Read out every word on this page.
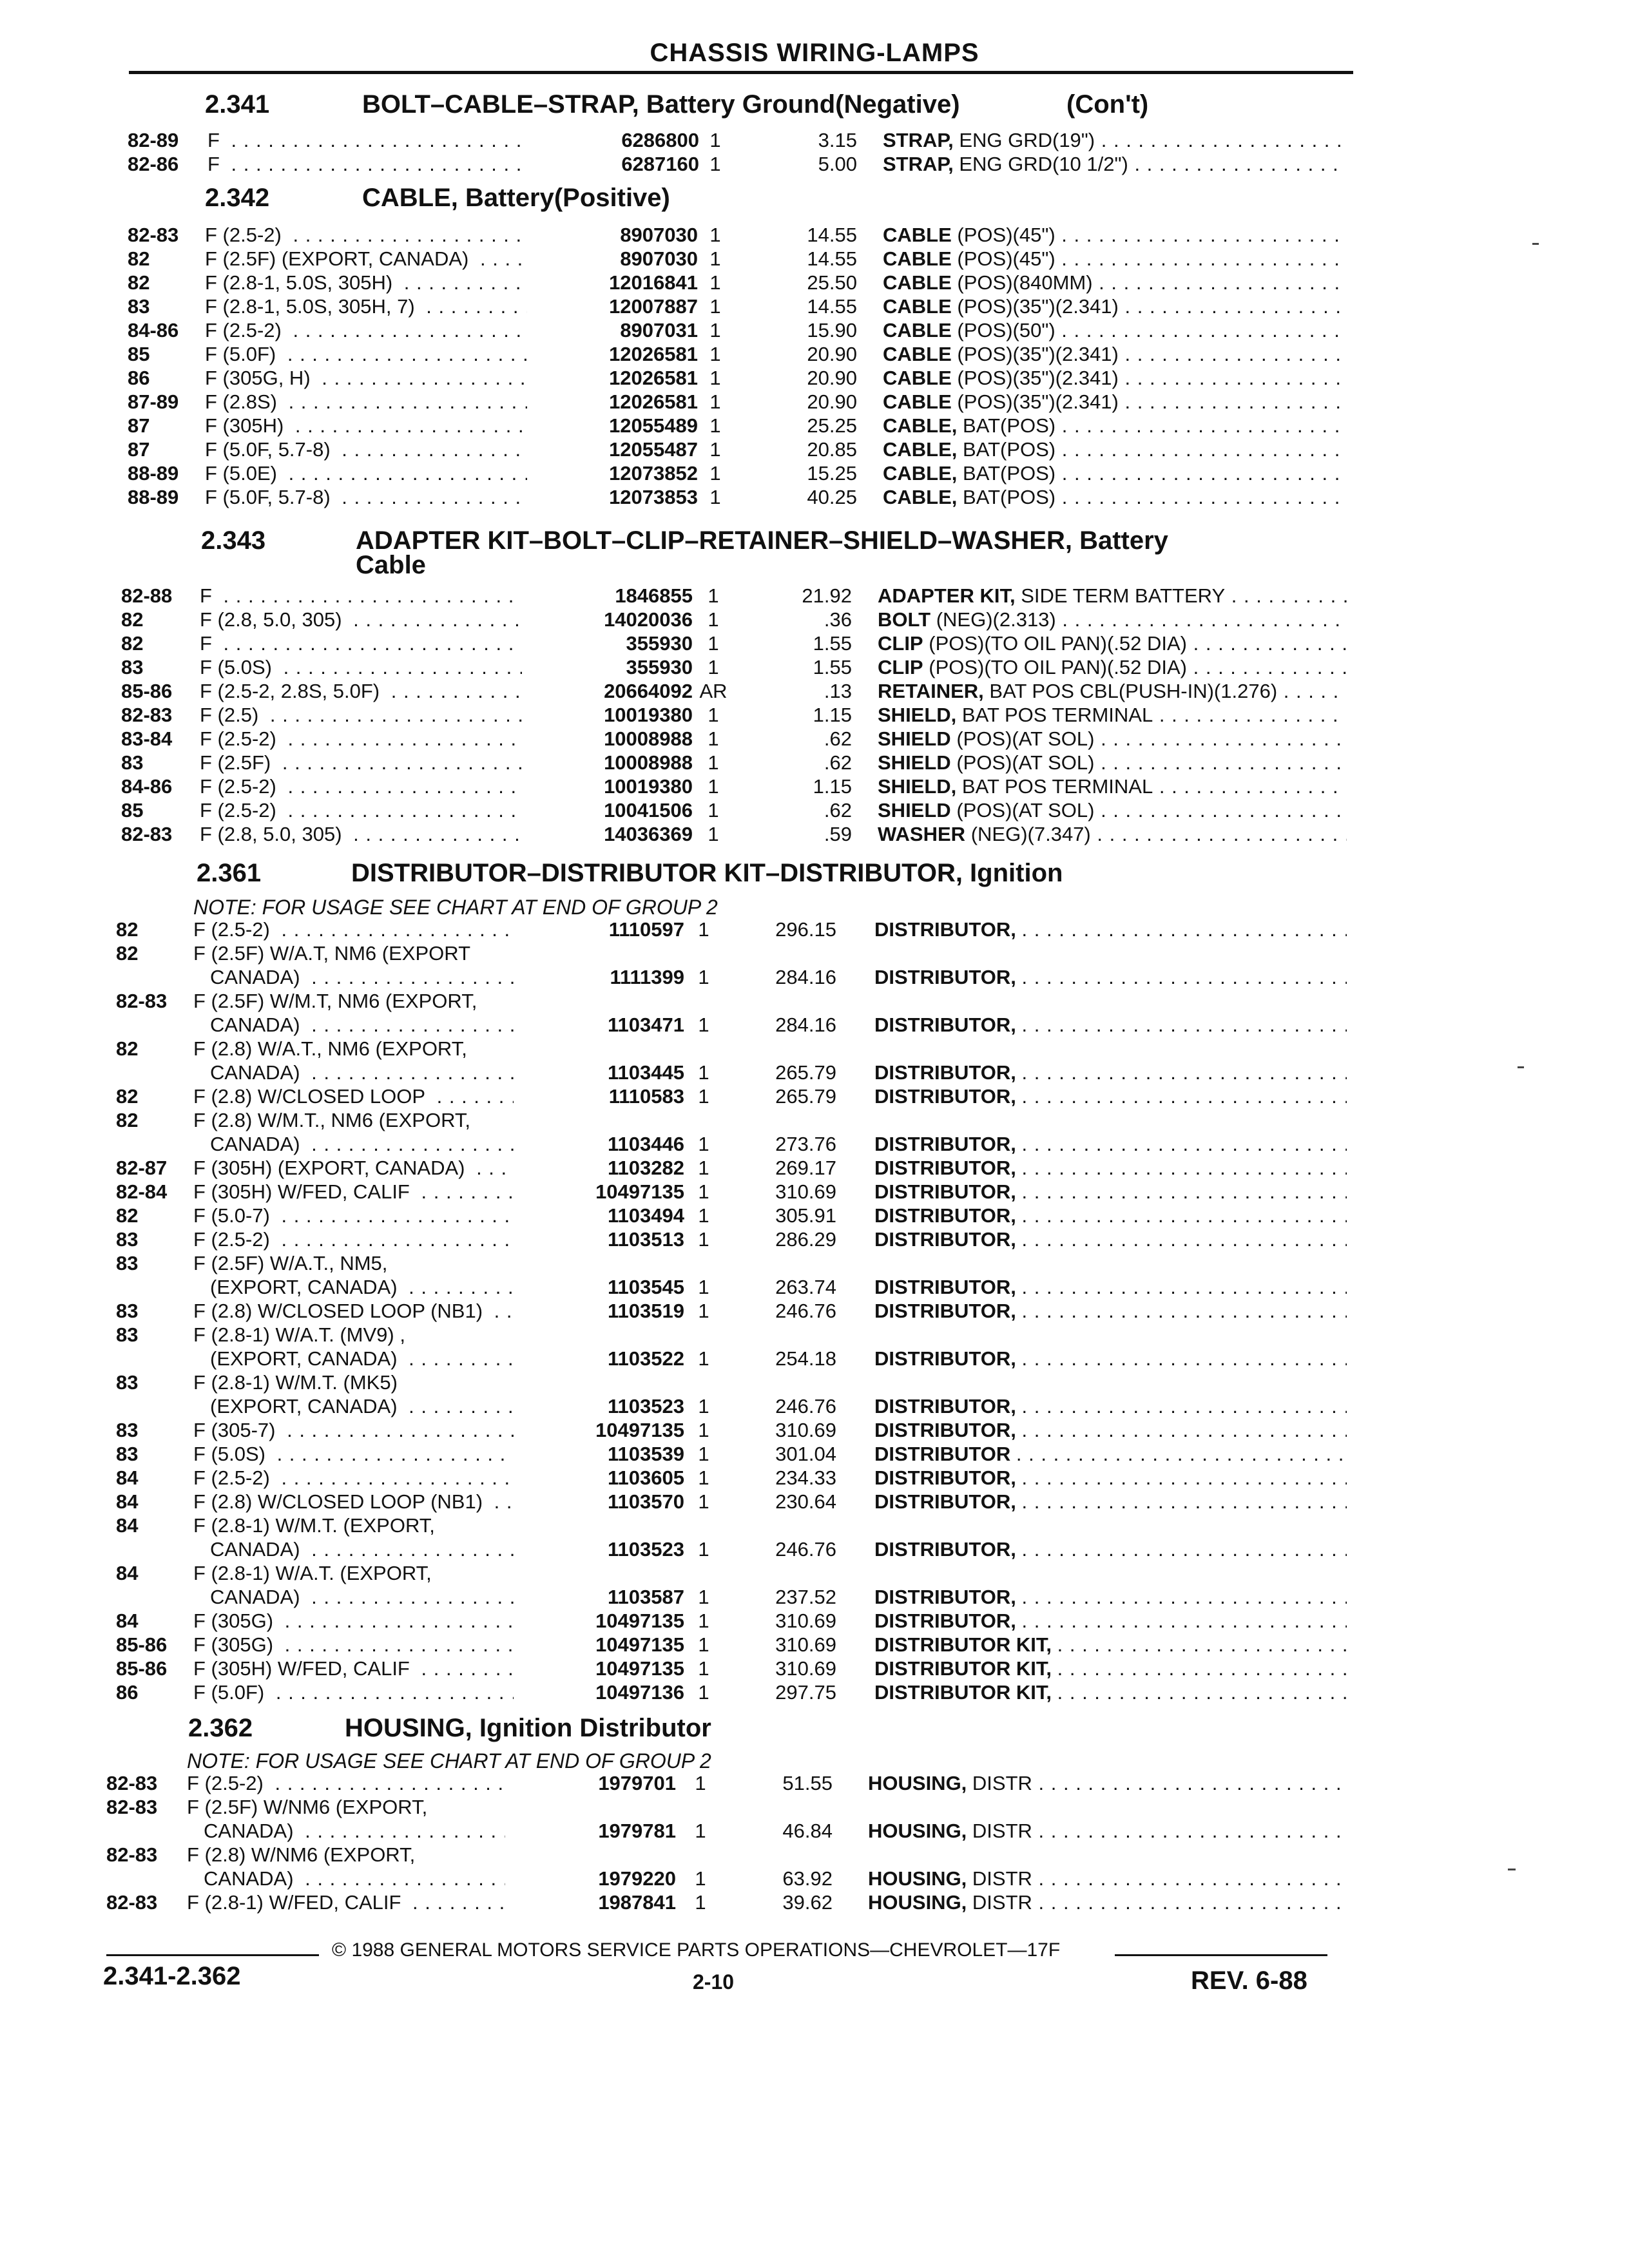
CHASSIS WIRING-LAMPS
2.341	BOLT–CABLE–STRAP, Battery Ground(Negative)	(Con't)
82-89 F . . .	6286800 1	3.15 STRAP, ENG GRD(19") . . .
82-86 F . . .	6287160 1	5.00 STRAP, ENG GRD(10 1/2") . . .
2.342	CABLE, Battery(Positive)
82-83 F (2.5-2) . . .	8907030 1	14.55 CABLE (POS)(45") . . .
82	F (2.5F) (EXPORT, CANADA) . . .	8907030 1	14.55 CABLE (POS)(45") . . .
82	F (2.8-1, 5.0S, 305H) . . .	12016841 1	25.50 CABLE (POS)(840MM) . . .
83	F (2.8-1, 5.0S, 305H, 7) . . .	12007887 1	14.55 CABLE (POS)(35")(2.341) . . .
84-86 F (2.5-2) . . .	8907031 1	15.90 CABLE (POS)(50") . . .
85	F (5.0F) . . .	12026581 1	20.90 CABLE (POS)(35")(2.341) . . .
86	F (305G, H) . . .	12026581 1	20.90 CABLE (POS)(35")(2.341) . . .
87-89 F (2.8S) . . .	12026581 1	20.90 CABLE (POS)(35")(2.341) . . .
87	F (305H) . . .	12055489 1	25.25 CABLE, BAT(POS) . . .
87	F (5.0F, 5.7-8) . . .	12055487 1	20.85 CABLE, BAT(POS) . . .
88-89 F (5.0E) . . .	12073852 1	15.25 CABLE, BAT(POS) . . .
88-89 F (5.0F, 5.7-8) . . .	12073853 1	40.25 CABLE, BAT(POS) . . .
2.343	ADAPTER KIT–BOLT–CLIP–RETAINER–SHIELD–WASHER, Battery
Cable
82-88 F . . .	1846855 1	21.92 ADAPTER KIT, SIDE TERM BATTERY . . .
82	F (2.8, 5.0, 305) . . .	14020036 1	.36 BOLT (NEG)(2.313) . . .
82	F . . .	355930 1	1.55 CLIP (POS)(TO OIL PAN)(.52 DIA) . . .
83	F (5.0S) . . .	355930 1	1.55 CLIP (POS)(TO OIL PAN)(.52 DIA) . . .
85-86 F (2.5-2, 2.8S, 5.0F) . . .	20664092 AR	.13 RETAINER, BAT POS CBL(PUSH-IN)(1.276) . . .
82-83 F (2.5) . . .	10019380 1	1.15 SHIELD, BAT POS TERMINAL . . .
83-84 F (2.5-2) . . .	10008988 1	.62 SHIELD (POS)(AT SOL) . . .
83	F (2.5F) . . .	10008988 1	.62 SHIELD (POS)(AT SOL) . . .
84-86 F (2.5-2) . . .	10019380 1	1.15 SHIELD, BAT POS TERMINAL . . .
85	F (2.5-2) . . .	10041506 1	.62 SHIELD (POS)(AT SOL) . . .
82-83 F (2.8, 5.0, 305) . . .	14036369 1	.59 WASHER (NEG)(7.347) . . .
2.361	DISTRIBUTOR–DISTRIBUTOR KIT–DISTRIBUTOR, Ignition
NOTE: FOR USAGE SEE CHART AT END OF GROUP 2
82	F (2.5-2) . . .	1110597 1	296.15 DISTRIBUTOR, . . .
82	F (2.5F) W/A.T, NM6 (EXPORT
CANADA) . . .	1111399 1	284.16 DISTRIBUTOR, . . .
82-83 F (2.5F) W/M.T, NM6 (EXPORT,
CANADA) . . .	1103471 1	284.16 DISTRIBUTOR, . . .
82	F (2.8) W/A.T., NM6 (EXPORT,
CANADA) . . .	1103445 1	265.79 DISTRIBUTOR, . . .
82	F (2.8) W/CLOSED LOOP . . .	1110583 1	265.79 DISTRIBUTOR, . . .
82	F (2.8) W/M.T., NM6 (EXPORT,
CANADA) . . .	1103446 1	273.76 DISTRIBUTOR, . . .
82-87 F (305H) (EXPORT, CANADA) . . .	1103282 1	269.17 DISTRIBUTOR, . . .
82-84 F (305H) W/FED, CALIF . . .	10497135 1	310.69 DISTRIBUTOR, . . .
82	F (5.0-7) . . .	1103494 1	305.91 DISTRIBUTOR, . . .
83	F (2.5-2) . . .	1103513 1	286.29 DISTRIBUTOR, . . .
83	F (2.5F) W/A.T., NM5,
(EXPORT, CANADA) . . .	1103545 1	263.74 DISTRIBUTOR, . . .
83	F (2.8) W/CLOSED LOOP (NB1) . . .	1103519 1	246.76 DISTRIBUTOR, . . .
83	F (2.8-1) W/A.T. (MV9) ,
(EXPORT, CANADA) . . .	1103522 1	254.18 DISTRIBUTOR, . . .
83	F (2.8-1) W/M.T. (MK5)
(EXPORT, CANADA) . . .	1103523 1	246.76 DISTRIBUTOR, . . .
83	F (305-7) . . .	10497135 1	310.69 DISTRIBUTOR, . . .
83	F (5.0S) . . .	1103539 1	301.04 DISTRIBUTOR . . .
84	F (2.5-2) . . .	1103605 1	234.33 DISTRIBUTOR, . . .
84	F (2.8) W/CLOSED LOOP (NB1) . . .	1103570 1	230.64 DISTRIBUTOR, . . .
84	F (2.8-1) W/M.T. (EXPORT,
CANADA) . . .	1103523 1	246.76 DISTRIBUTOR, . . .
84	F (2.8-1) W/A.T. (EXPORT,
CANADA) . . .	1103587 1	237.52 DISTRIBUTOR, . . .
84	F (305G) . . .	10497135 1	310.69 DISTRIBUTOR, . . .
85-86 F (305G) . . .	10497135 1	310.69 DISTRIBUTOR KIT, . . .
85-86 F (305H) W/FED, CALIF . . .	10497135 1	310.69 DISTRIBUTOR KIT, . . .
86	F (5.0F) . . .	10497136 1	297.75 DISTRIBUTOR KIT, . . .
2.362	HOUSING, Ignition Distributor
NOTE: FOR USAGE SEE CHART AT END OF GROUP 2
82-83 F (2.5-2) . . .	1979701 1	51.55 HOUSING, DISTR . . .
82-83 F (2.5F) W/NM6 (EXPORT,
CANADA) . . .	1979781 1	46.84 HOUSING, DISTR . . .
82-83 F (2.8) W/NM6 (EXPORT,
CANADA) . . .	1979220 1	63.92 HOUSING, DISTR . . .
82-83 F (2.8-1) W/FED, CALIF . . .	1987841 1	39.62 HOUSING, DISTR . . .
© 1988 GENERAL MOTORS SERVICE PARTS OPERATIONS—CHEVROLET—17F
2.341-2.362	2-10	REV. 6-88
